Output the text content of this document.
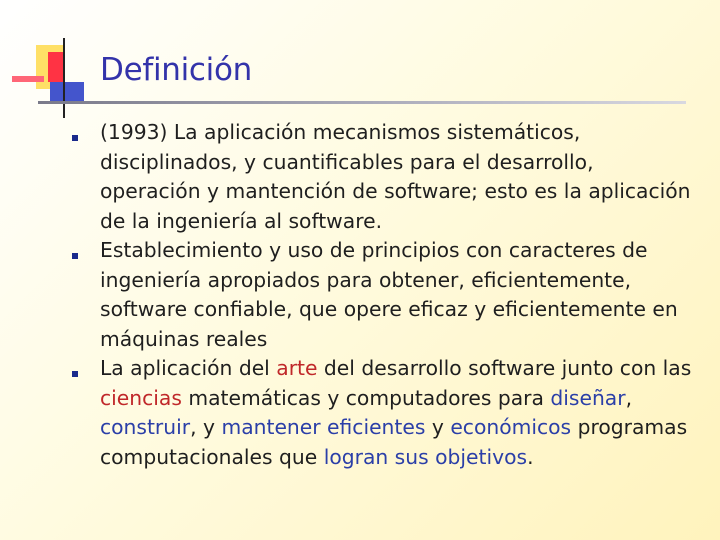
Definición
(1993) La aplicación mecanismos sistemáticos, disciplinados, y cuantificables para el desarrollo, operación y mantención de software; esto es la aplicación de la ingeniería al software.
Establecimiento y uso de principios con caracteres de ingeniería apropiados para obtener, eficientemente, software confiable, que opere eficaz y eficientemente en máquinas reales
La aplicación del arte del desarrollo software junto con las ciencias matemáticas y computadores para diseñar, construir, y mantener eficientes y económicos programas computacionales que logran sus objetivos.
